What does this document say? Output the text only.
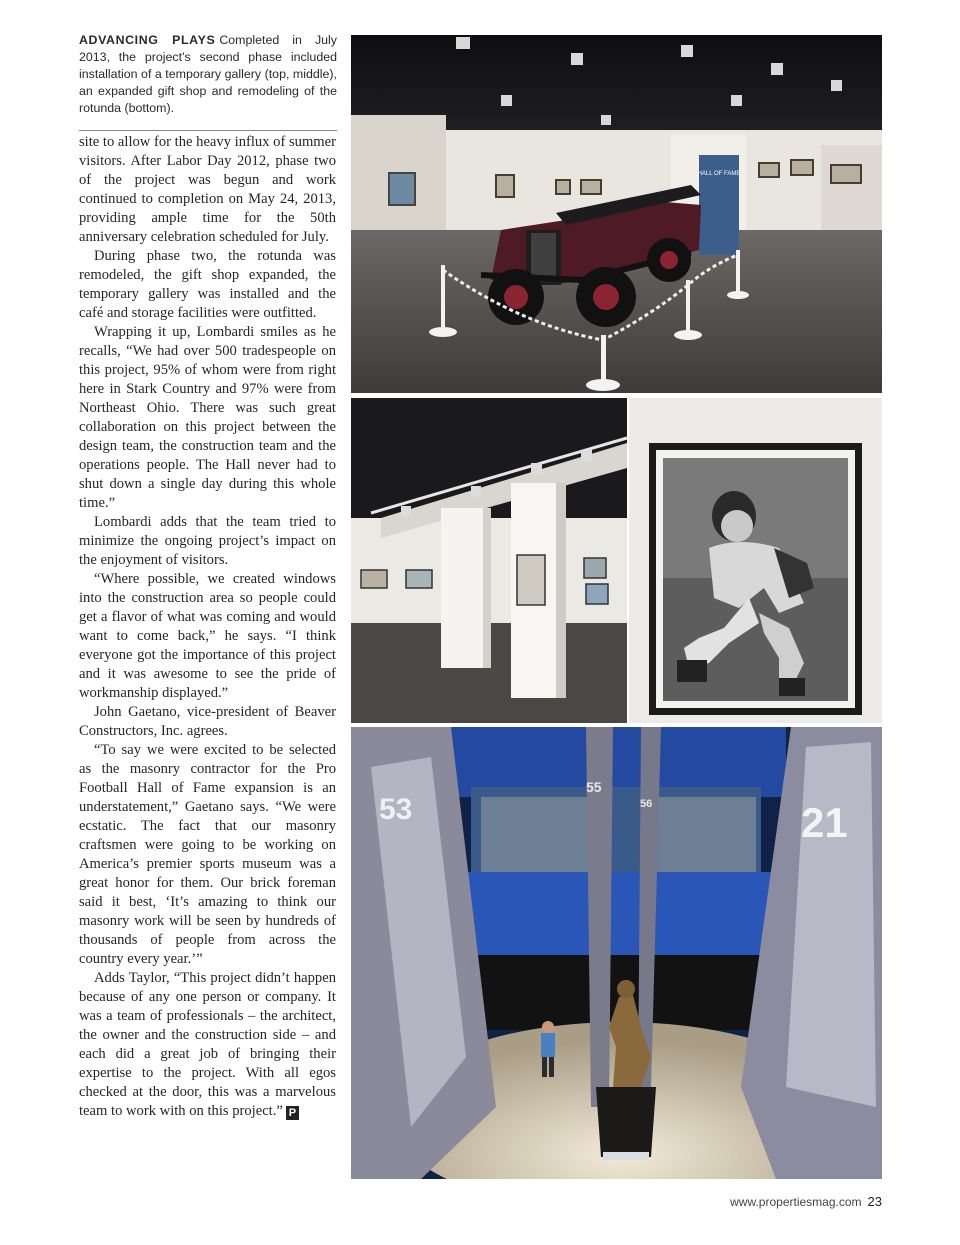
ADVANCING PLAYS Completed in July 2013, the project’s second phase included installation of a temporary gallery (top, middle), an expanded gift shop and remodeling of the rotunda (bottom).

site to allow for the heavy influx of summer visitors. After Labor Day 2012, phase two of the project was begun and work continued to completion on May 24, 2013, providing ample time for the 50th anniversary celebration scheduled for July.

During phase two, the rotunda was remodeled, the gift shop expanded, the temporary gallery was installed and the café and storage facilities were outfitted.

Wrapping it up, Lombardi smiles as he recalls, “We had over 500 tradespeople on this project, 95% of whom were from right here in Stark Country and 97% were from Northeast Ohio. There was such great collaboration on this project between the design team, the construction team and the operations people. The Hall never had to shut down a single day during this whole time.”

Lombardi adds that the team tried to minimize the ongoing project’s impact on the enjoyment of visitors.

“Where possible, we created windows into the construction area so people could get a flavor of what was coming and would want to come back,” he says. “I think everyone got the importance of this project and it was awesome to see the pride of workmanship displayed.”

John Gaetano, vice-president of Beaver Constructors, Inc. agrees.

“To say we were excited to be selected as the masonry contractor for the Pro Football Hall of Fame expansion is an understatement,” Gaetano says. “We were ecstatic. The fact that our masonry craftsmen were going to be working on America’s premier sports museum was a great honor for them. Our brick foreman said it best, ‘It’s amazing to think our masonry work will be seen by hundreds of thousands of people from across the country every year.’”

Adds Taylor, “This project didn’t happen because of any one person or company. It was a team of professionals – the architect, the owner and the construction side – and each did a great job of bringing their expertise to the project. With all egos checked at the door, this was a marvelous team to work with on this project.” P

HALL OF FAME
53	21
55
56
www.propertiesmag.com 23
